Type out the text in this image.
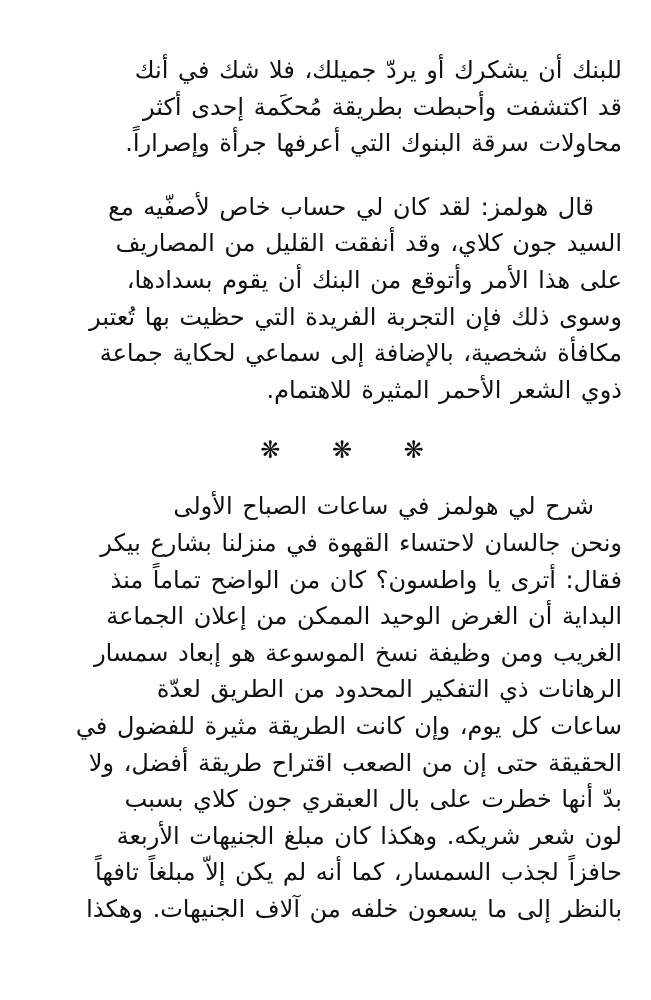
للبنك أن يشكرك أو يردّ جميلك، فلا شك في أنك
قد اكتشفت وأحبطت بطريقة مُحكَمة إحدى أكثر
محاولات سرقة البنوك التي أعرفها جرأة وإصراراً.

قال هولمز: لقد كان لي حساب خاص لأصفّيه مع
السيد جون كلاي، وقد أنفقت القليل من المصاريف
على هذا الأمر وأتوقع من البنك أن يقوم بسدادها،
وسوى ذلك فإن التجربة الفريدة التي حظيت بها تُعتبر
مكافأة شخصية، بالإضافة إلى سماعي لحكاية جماعة
ذوي الشعر الأحمر المثيرة للاهتمام.

❋ ❋ ❋

شرح لي هولمز في ساعات الصباح الأولى
ونحن جالسان لاحتساء القهوة في منزلنا بشارع بيكر
فقال: أترى يا واطسون؟ كان من الواضح تماماً منذ
البداية أن الغرض الوحيد الممكن من إعلان الجماعة
الغريب ومن وظيفة نسخ الموسوعة هو إبعاد سمسار
الرهانات ذي التفكير المحدود من الطريق لعدّة
ساعات كل يوم، وإن كانت الطريقة مثيرة للفضول في
الحقيقة حتى إن من الصعب اقتراح طريقة أفضل، ولا
بدّ أنها خطرت على بال العبقري جون كلاي بسبب
لون شعر شريكه. وهكذا كان مبلغ الجنيهات الأربعة
حافزاً لجذب السمسار، كما أنه لم يكن إلاّ مبلغاً تافهاً
بالنظر إلى ما يسعون خلفه من آلاف الجنيهات. وهكذا
